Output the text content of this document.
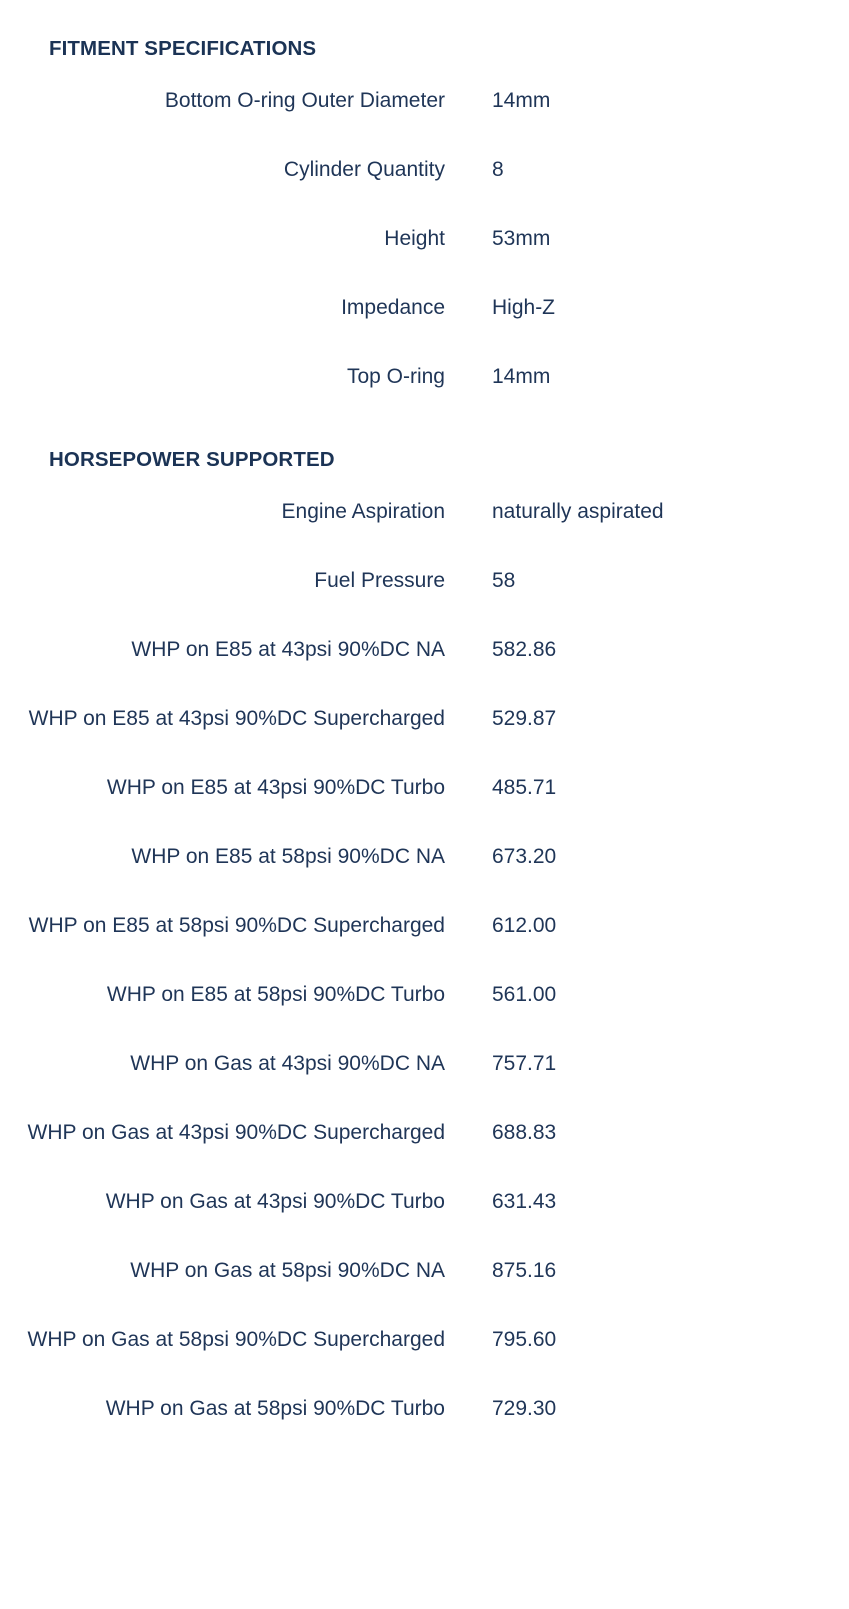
FITMENT SPECIFICATIONS
Bottom O-ring Outer Diameter 14mm
Cylinder Quantity 8
Height 53mm
Impedance High-Z
Top O-ring 14mm
HORSEPOWER SUPPORTED
Engine Aspiration naturally aspirated
Fuel Pressure 58
WHP on E85 at 43psi 90%DC NA 582.86
WHP on E85 at 43psi 90%DC Supercharged 529.87
WHP on E85 at 43psi 90%DC Turbo 485.71
WHP on E85 at 58psi 90%DC NA 673.20
WHP on E85 at 58psi 90%DC Supercharged 612.00
WHP on E85 at 58psi 90%DC Turbo 561.00
WHP on Gas at 43psi 90%DC NA 757.71
WHP on Gas at 43psi 90%DC Supercharged 688.83
WHP on Gas at 43psi 90%DC Turbo 631.43
WHP on Gas at 58psi 90%DC NA 875.16
WHP on Gas at 58psi 90%DC Supercharged 795.60
WHP on Gas at 58psi 90%DC Turbo 729.30
